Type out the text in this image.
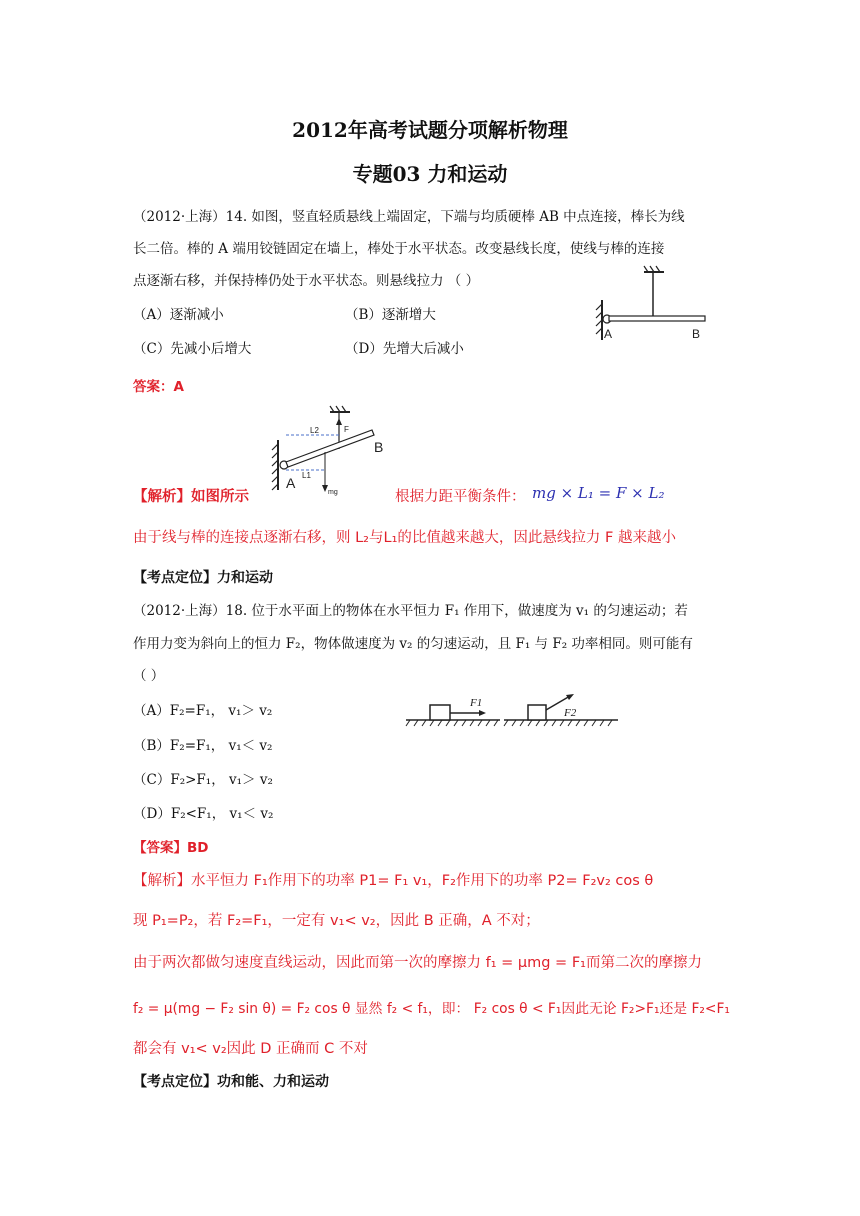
2012年高考试题分项解析物理
专题03 力和运动
（2012·上海）14. 如图，竖直轻质悬线上端固定，下端与均质硬棒 AB 中点连接，棒长为线
长二倍。棒的 A 端用铰链固定在墙上，棒处于水平状态。改变悬线长度，使线与棒的连接
点逐渐右移，并保持棒仍处于水平状态。则悬线拉力 （ ）
（A）逐渐减小	（B）逐渐增大
（C）先减小后增大	（D）先增大后减小
A	B
答案：A
F
L2
mg
L1
A
B
【解析】如图所示	根据力距平衡条件： mg × L₁ = F × L₂
由于线与棒的连接点逐渐右移，则 L₂与L₁的比值越来越大，因此悬线拉力 F 越来越小
【考点定位】力和运动
（2012·上海）18. 位于水平面上的物体在水平恒力 F₁ 作用下，做速度为 v₁ 的匀速运动；若
作用力变为斜向上的恒力 F₂，物体做速度为 v₂ 的匀速运动，且 F₁ 与 F₂ 功率相同。则可能有
（ ）
（A）F₂=F₁， v₁＞ v₂
（B）F₂=F₁， v₁＜ v₂
（C）F₂>F₁， v₁＞ v₂
（D）F₂<F₁， v₁＜ v₂
F1
F2
【答案】BD
【解析】水平恒力 F₁作用下的功率 P1= F₁ v₁，F₂作用下的功率 P2= F₂v₂ cos θ
现 P₁=P₂，若 F₂=F₁，一定有 v₁< v₂，因此 B 正确，A 不对；
由于两次都做匀速度直线运动，因此而第一次的摩擦力 f₁ = μmg = F₁而第二次的摩擦力
f₂ = μ(mg − F₂ sin θ) = F₂ cos θ 显然 f₂ < f₁，即： F₂ cos θ < F₁因此无论 F₂>F₁还是 F₂<F₁
都会有 v₁< v₂因此 D 正确而 C 不对
【考点定位】功和能、力和运动
